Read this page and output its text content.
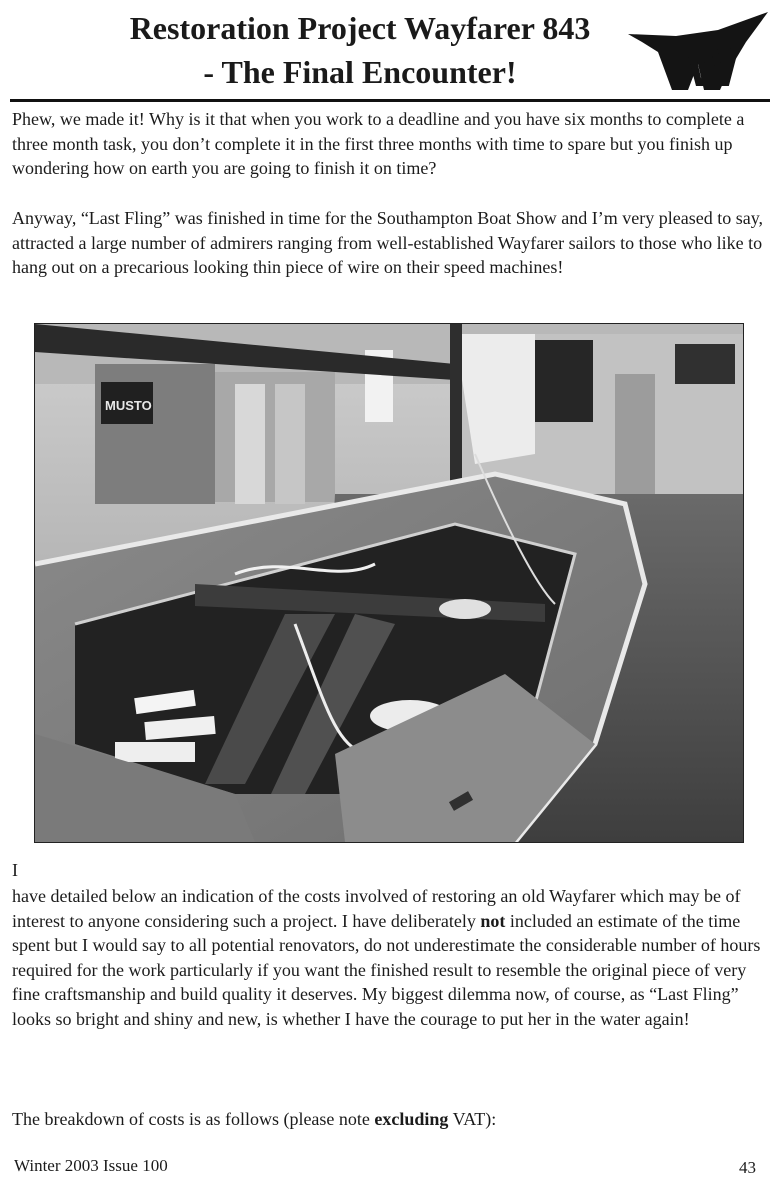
Restoration Project Wayfarer 843
- The Final Encounter!	W

Phew, we made it! Why is it that when you work to a deadline and you have six months to complete a three month task, you don’t complete it in the first three months with time to spare but you finish up wondering how on earth you are going to finish it on time?

Anyway, “Last Fling” was finished in time for the Southampton Boat Show and I’m very pleased to say, attracted a large number of admirers ranging from well-established Wayfarer sailors to those who like to hang out on a precarious looking thin piece of wire on their speed machines!

MUSTO

I

have detailed below an indication of the costs involved of restoring an old Wayfarer which may be of interest to anyone considering such a project. I have deliberately not included an estimate of the time spent but I would say to all potential renovators, do not underestimate the considerable number of hours required for the work particularly if you want the finished result to resemble the original piece of very fine craftsmanship and build quality it deserves. My biggest dilemma now, of course, as “Last Fling” looks so bright and shiny and new, is whether I have the courage to put her in the water again!

The breakdown of costs is as follows (please note excluding VAT):

Winter 2003 Issue 100	43
